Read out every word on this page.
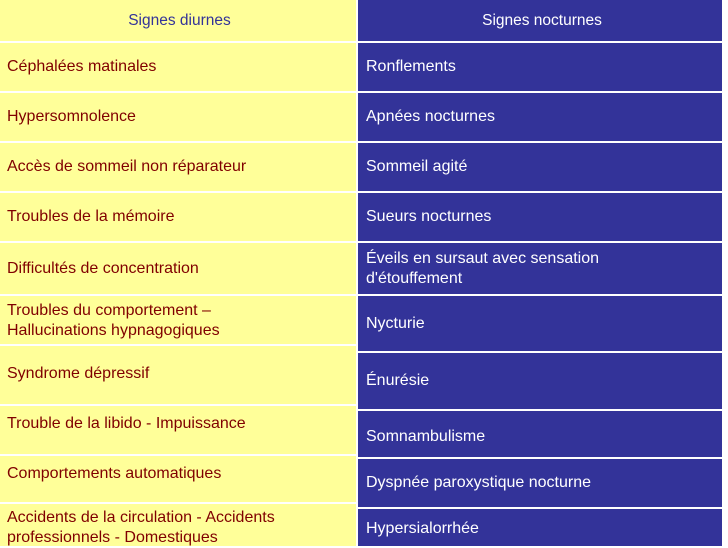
Signes diurnes
Céphalées matinales
Hypersomnolence
Accès de sommeil non réparateur
Troubles de la mémoire
Difficultés de concentration
Troubles du comportement –
Hallucinations hypnagogiques
Syndrome dépressif
Trouble de la libido - Impuissance
Comportements automatiques
Accidents de la circulation - Accidents
professionnels - Domestiques
Signes nocturnes
Ronflements
Apnées nocturnes
Sommeil agité
Sueurs nocturnes
Éveils en sursaut avec sensation
d'étouffement
Nycturie
Énurésie
Somnambulisme
Dyspnée paroxystique nocturne
Hypersialorrhée
